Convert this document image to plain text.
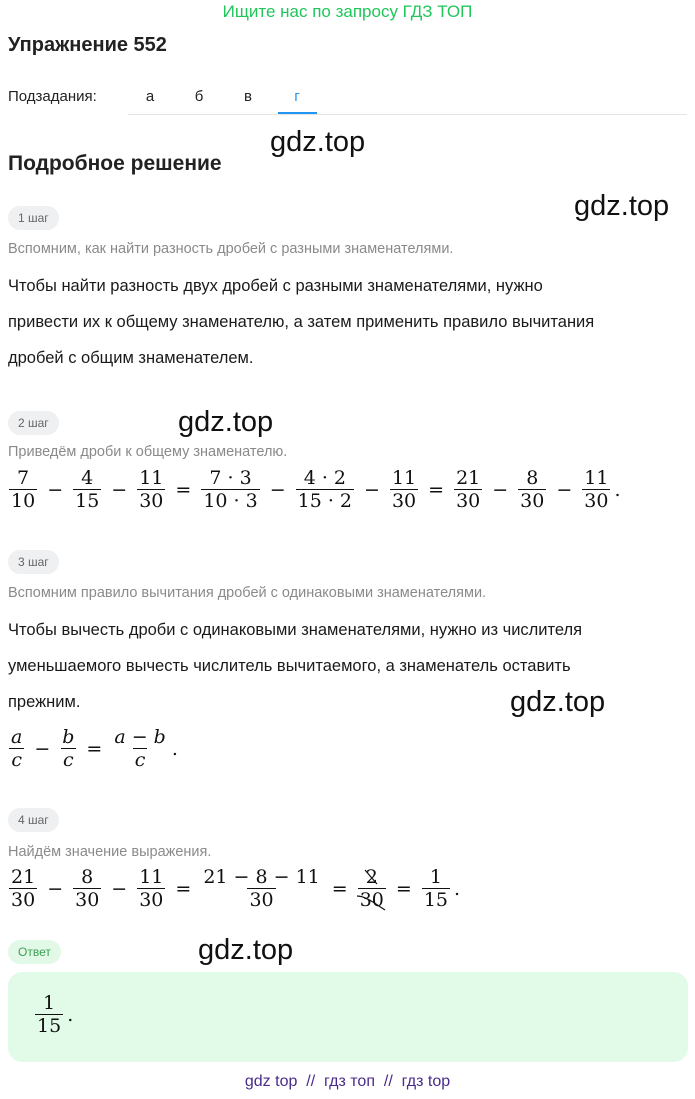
Ищите нас по запросу ГДЗ ТОП
Упражнение 552
Подзадания:	а	б	в	г
Подробное решение
gdz.top
gdz.top
gdz.top
gdz.top
gdz.top
1 шаг
Вспомним, как найти разность дробей с разными знаменателями.
Чтобы найти разность двух дробей с разными знаменателями, нужно
привести их к общему знаменателю, а затем применить правило вычитания
дробей с общим знаменателем.
2 шаг
Приведём дроби к общему знаменателю.
$\frac{7}{10} - \frac{4}{15} - \frac{11}{30} = \frac{7 \cdot 3}{10 \cdot 3} - \frac{4 \cdot 2}{15 \cdot 2} - \frac{11}{30} = \frac{21}{30} - \frac{8}{30} - \frac{11}{30}$ .
3 шаг
Вспомним правило вычитания дробей с одинаковыми знаменателями.
Чтобы вычесть дроби с одинаковыми знаменателями, нужно из числителя
уменьшаемого вычесть числитель вычитаемого, а знаменатель оставить
прежним.
$\frac{a}{c} - \frac{b}{c} = \frac{a - b}{c}$ .
4 шаг
Найдём значение выражения.
$\frac{21}{30} - \frac{8}{30} - \frac{11}{30} = \frac{21 - 8 - 11}{30} = \frac{2}{30} = \frac{1}{15}$ .
Ответ
$\frac{1}{15}$ .
gdz top  //  гдз топ  //  гдз top
